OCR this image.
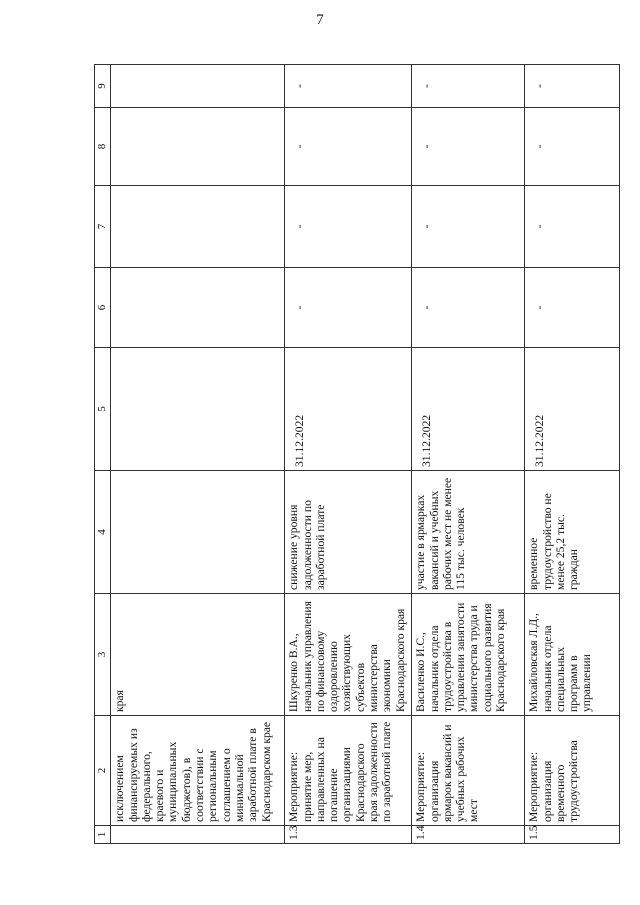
7
1	2	3	4	5	6	7	8	9
	исключением финансируемых из федерального, краевого и муниципальных бюджетов), в соответствии с региональным соглашением о минимальной заработной плате в Краснодарском крае	края						
1.3	Мероприятие: принятие мер, направленных на погашение организациями Краснодарского края задолженности по заработной плате	Шкуренко В.А., начальник управления по финансовому оздоровлению хозяйствующих субъектов министерства экономики Краснодарского края	снижение уровня задолженности по заработной плате	31.12.2022	-	-	-	-
1.4	Мероприятие: организация ярмарок вакансий и учебных рабочих мест	Василенко И.С., начальник отдела трудоустройства в управлении занятости министерства труда и социального развития Краснодарского края	участие в ярмарках вакансий и учебных рабочих мест не менее 115 тыс. человек	31.12.2022	-	-	-	-
1.5	Мероприятие: организация временного трудоустройства	Михайловская Л.Д., начальник отдела специальных программ в управлении	временное трудоустройство не менее 25,2 тыс. граждан	31.12.2022	-	-	-	-
